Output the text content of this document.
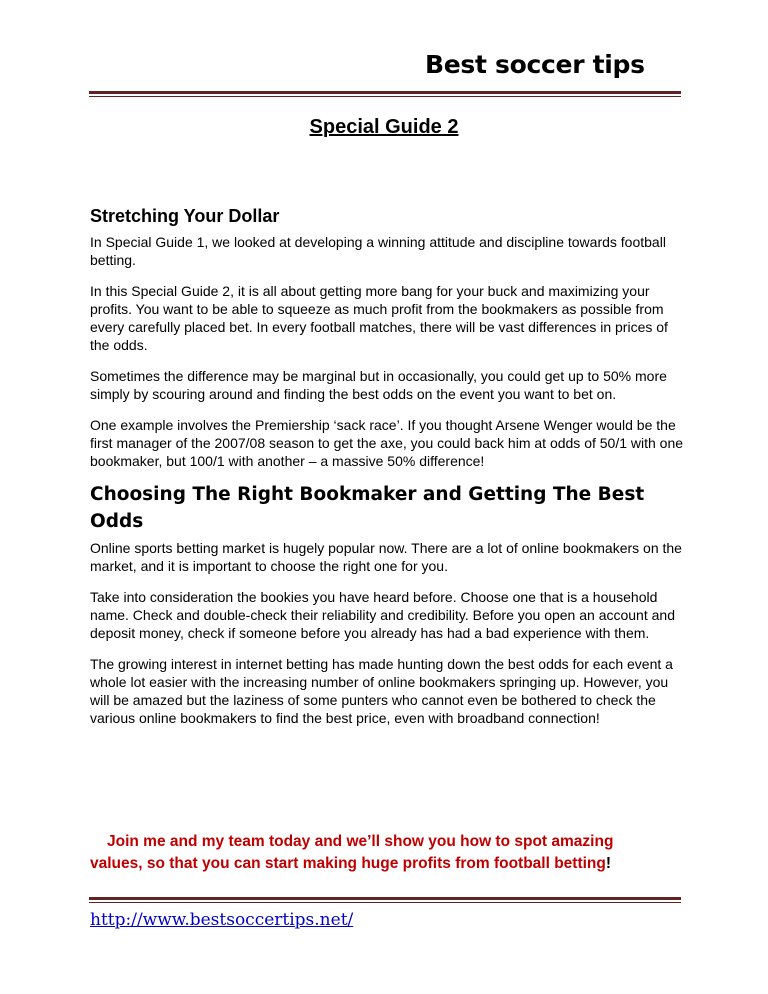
Best soccer tips
Special Guide 2
Stretching Your Dollar

In Special Guide 1, we looked at developing a winning attitude and discipline towards football betting.

In this Special Guide 2, it is all about getting more bang for your buck and maximizing your profits. You want to be able to squeeze as much profit from the bookmakers as possible from every carefully placed bet. In every football matches, there will be vast differences in prices of the odds.

Sometimes the difference may be marginal but in occasionally, you could get up to 50% more simply by scouring around and finding the best odds on the event you want to bet on.

One example involves the Premiership ‘sack race’. If you thought Arsene Wenger would be the first manager of the 2007/08 season to get the axe, you could back him at odds of 50/1 with one bookmaker, but 100/1 with another – a massive 50% difference!

Choosing The Right Bookmaker and Getting The Best Odds

Online sports betting market is hugely popular now. There are a lot of online bookmakers on the market, and it is important to choose the right one for you.

Take into consideration the bookies you have heard before. Choose one that is a household name. Check and double-check their reliability and credibility. Before you open an account and deposit money, check if someone before you already has had a bad experience with them.

The growing interest in internet betting has made hunting down the best odds for each event a whole lot easier with the increasing number of online bookmakers springing up. However, you will be amazed but the laziness of some punters who cannot even be bothered to check the various online bookmakers to find the best price, even with broadband connection!

Join me and my team today and we’ll show you how to spot amazing
values, so that you can start making huge profits from football betting!
http://www.bestsoccertips.net/
